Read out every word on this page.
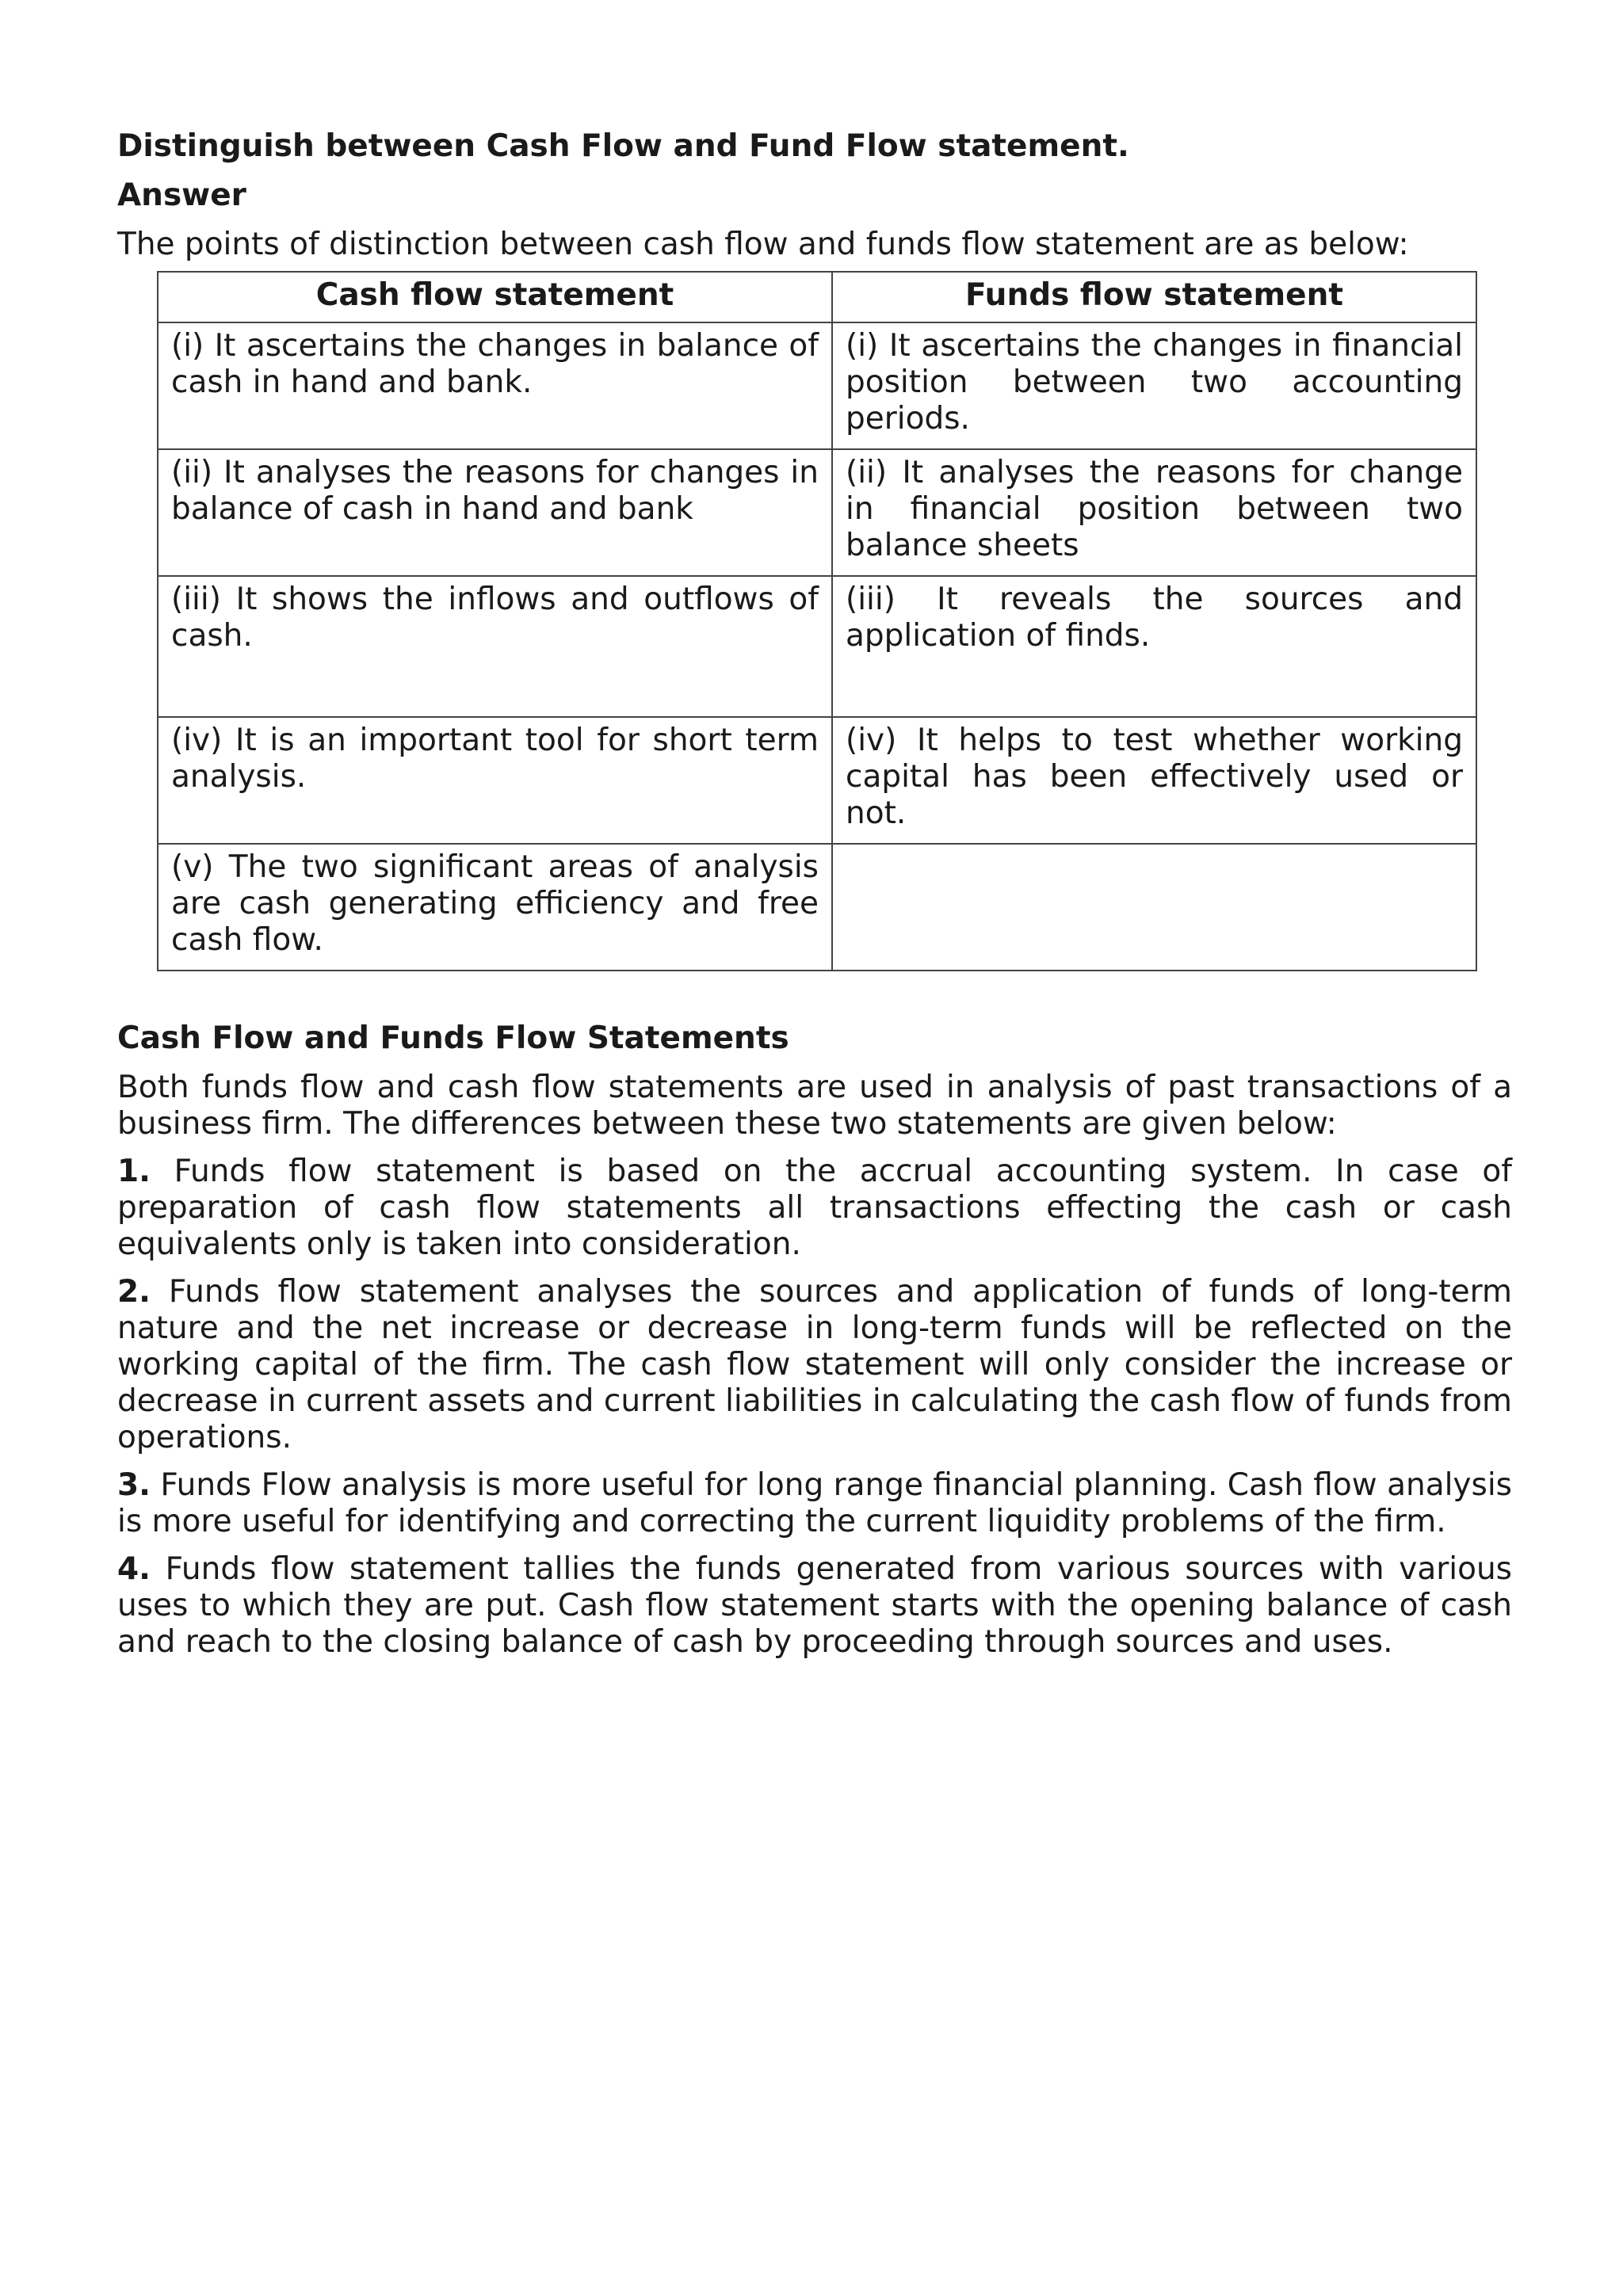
Distinguish between Cash Flow and Fund Flow statement.

Answer

The points of distinction between cash flow and funds flow statement are as below:

Cash flow statement	Funds flow statement
(i) It ascertains the changes in balance of cash in hand and bank.	(i) It ascertains the changes in financial position between two accounting periods.
(ii) It analyses the reasons for changes in balance of cash in hand and bank	(ii) It analyses the reasons for change in financial position between two balance sheets
(iii) It shows the inflows and outflows of cash.	(iii) It reveals the sources and application of finds.
(iv) It is an important tool for short term analysis.	(iv) It helps to test whether working capital has been effectively used or not.
(v) The two significant areas of analysis are cash generating efficiency and free cash flow.	

Cash Flow and Funds Flow Statements

Both funds flow and cash flow statements are used in analysis of past transactions of a business firm. The differences between these two statements are given below:

1. Funds flow statement is based on the accrual accounting system. In case of preparation of cash flow statements all transactions effecting the cash or cash equivalents only is taken into consideration.

2. Funds flow statement analyses the sources and application of funds of long-term nature and the net increase or decrease in long-term funds will be reflected on the working capital of the firm. The cash flow statement will only consider the increase or decrease in current assets and current liabilities in calculating the cash flow of funds from operations.

3. Funds Flow analysis is more useful for long range financial planning. Cash flow analysis is more useful for identifying and correcting the current liquidity problems of the firm.

4. Funds flow statement tallies the funds generated from various sources with various uses to which they are put. Cash flow statement starts with the opening balance of cash and reach to the closing balance of cash by proceeding through sources and uses.
